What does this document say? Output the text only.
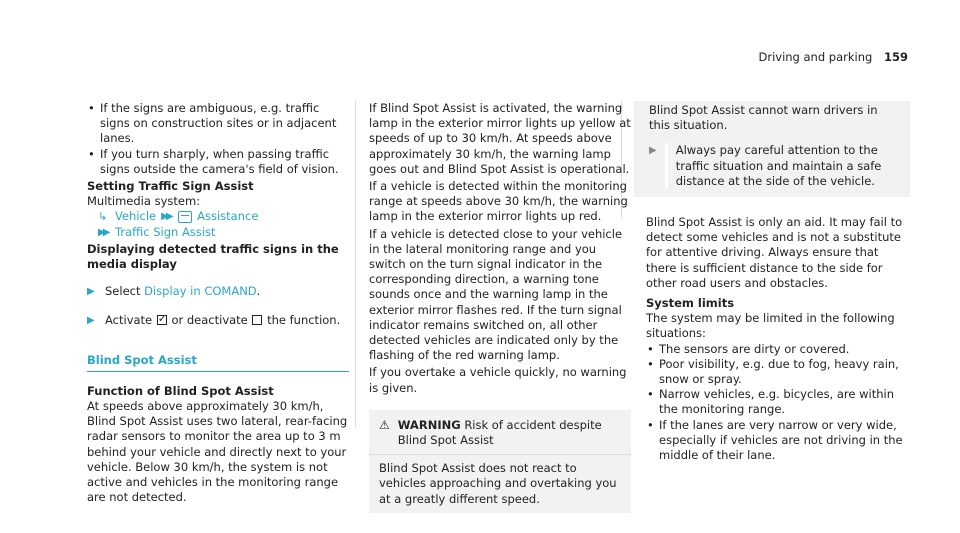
Driving and parking 159
• If the signs are ambiguous, e.g. traffic signs on construction sites or in adjacent lanes.
• If you turn sharply, when passing traffic signs outside the camera's field of vision.

Setting Traffic Sign Assist

Multimedia system:

↳ Vehicle ▶▶ Assistance
▶▶ Traffic Sign Assist

Displaying detected traffic signs in the media display

▶ Select Display in COMAND.
▶ Activate ✓ or deactivate  the function.
Blind Spot Assist

Function of Blind Spot Assist

At speeds above approximately 30 km/h, Blind Spot Assist uses two lateral, rear-facing radar sensors to monitor the area up to 3 m behind your vehicle and directly next to your vehicle. Below 30 km/h, the system is not active and vehicles in the monitoring range are not detected.

If Blind Spot Assist is activated, the warning lamp in the exterior mirror lights up yellow at speeds of up to 30 km/h. At speeds above approximately 30 km/h, the warning lamp goes out and Blind Spot Assist is operational.

If a vehicle is detected within the monitoring range at speeds above 30 km/h, the warning lamp in the exterior mirror lights up red.

If a vehicle is detected close to your vehicle in the lateral monitoring range and you switch on the turn signal indicator in the corresponding direction, a warning tone sounds once and the warning lamp in the exterior mirror flashes red. If the turn signal indicator remains switched on, all other detected vehicles are indicated only by the flashing of the red warning lamp.

If you overtake a vehicle quickly, no warning is given.

⚠ WARNING Risk of accident despite Blind Spot Assist

Blind Spot Assist does not react to vehicles approaching and overtaking you at a greatly different speed.

Blind Spot Assist cannot warn drivers in this situation.

▶	Always pay careful attention to the traffic situation and maintain a safe distance at the side of the vehicle.

Blind Spot Assist is only an aid. It may fail to detect some vehicles and is not a substitute for attentive driving. Always ensure that there is sufficient distance to the side for other road users and obstacles.

System limits

The system may be limited in the following situations:

• The sensors are dirty or covered.
• Poor visibility, e.g. due to fog, heavy rain, snow or spray.
• Narrow vehicles, e.g. bicycles, are within the monitoring range.
• If the lanes are very narrow or very wide, especially if vehicles are not driving in the middle of their lane.
